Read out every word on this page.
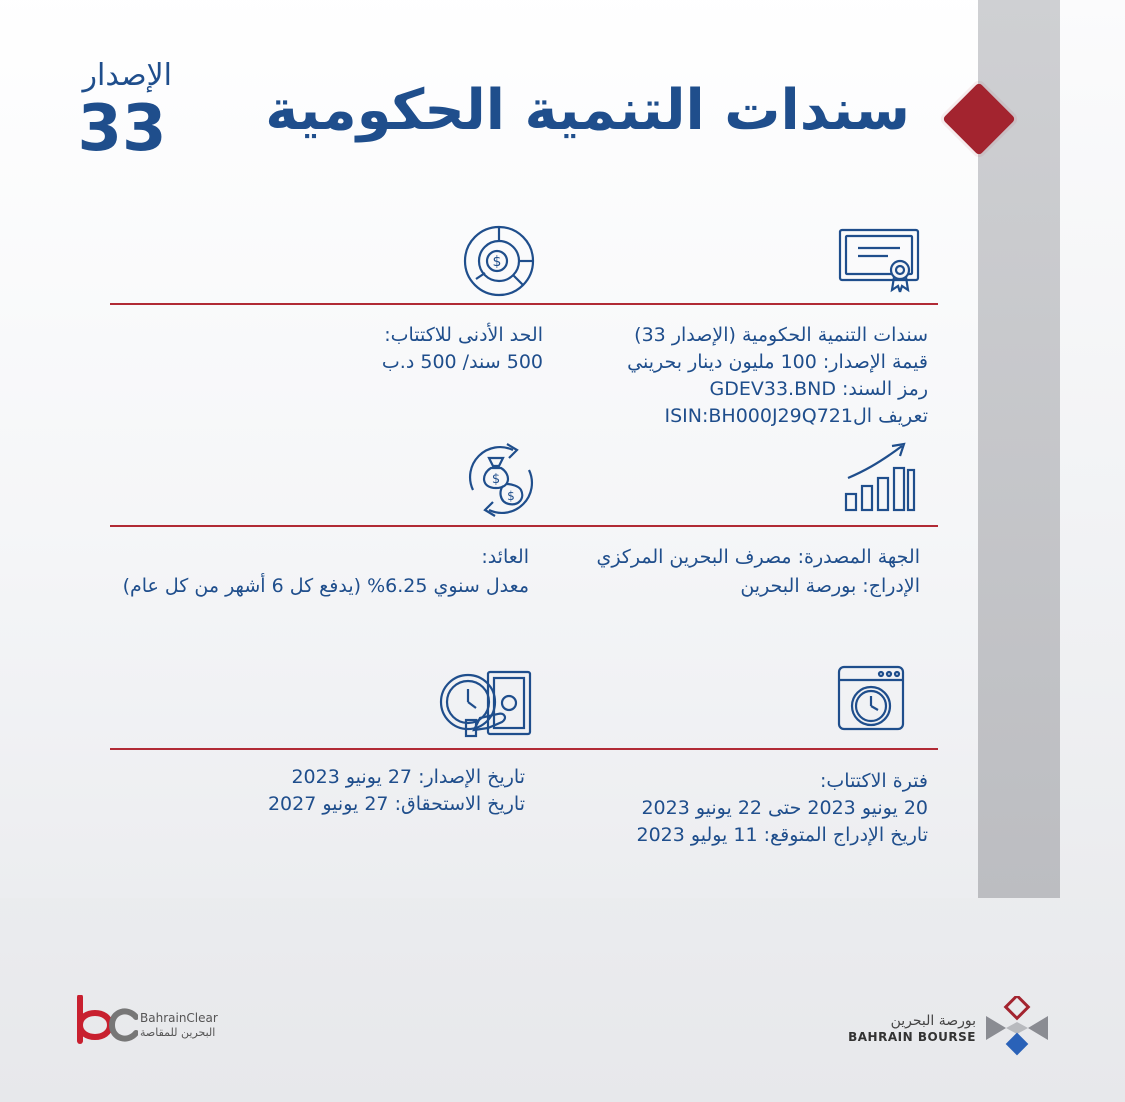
سندات التنمية الحكومية
الإصدار
33
$
سندات التنمية الحكومية (الإصدار 33)
قيمة الإصدار: 100 مليون دينار بحريني
رمز السند: GDEV33.BND
تعريف الISIN:BH000J29Q721
الحد الأدنى للاكتتاب:
500 سند/ 500 د.ب
$
$
الجهة المصدرة: مصرف البحرين المركزي
الإدراج: بورصة البحرين
العائد:
معدل سنوي 6.25% (يدفع كل 6 أشهر من كل عام)
فترة الاكتتاب:
20 يونيو 2023 حتى 22 يونيو 2023
تاريخ الإدراج المتوقع: 11 يوليو 2023
تاريخ الإصدار: 27 يونيو 2023
تاريخ الاستحقاق: 27 يونيو 2027
BahrainClear
البحرين للمقاصة
بورصة البحرين
BAHRAIN BOURSE
